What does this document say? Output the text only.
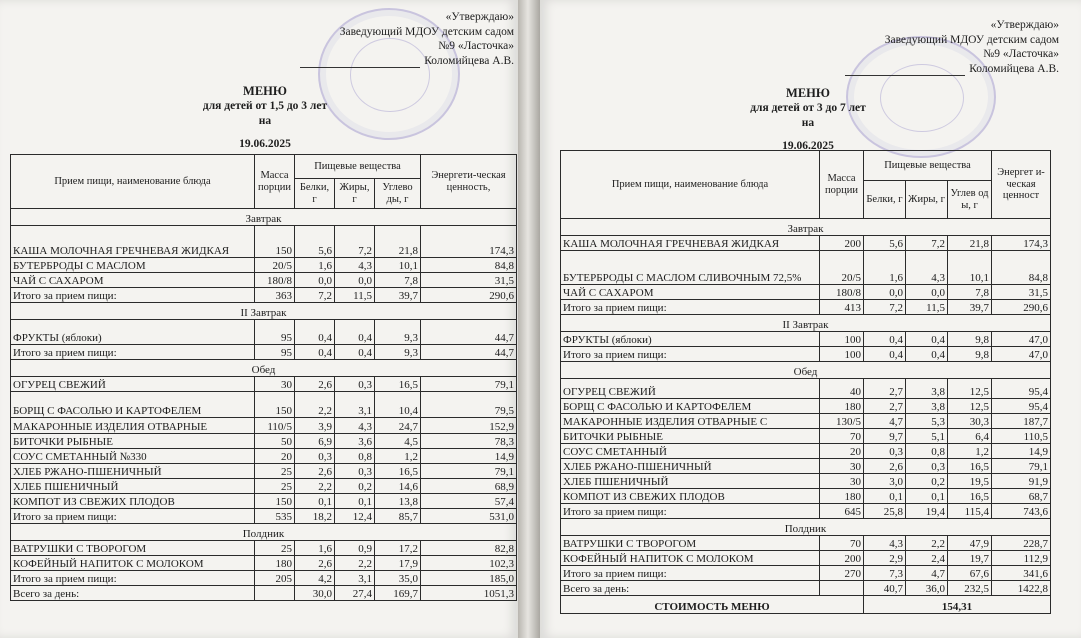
«Утверждаю»
Заведующий МДОУ детским садом
№9 «Ласточка»
Коломийцева А.В.
МЕНЮ
для детей от 1,5 до 3 лет
на
19.06.2025
Прием пищи, наименование блюда	Масса порции	Пищевые вещества			Энергети-ческая ценность,
		Белки, г	Жиры, г	Углево ды, г	
Завтрак					
КАША МОЛОЧНАЯ ГРЕЧНЕВАЯ ЖИДКАЯ	150	5,6	7,2	21,8	174,3
БУТЕРБРОДЫ С МАСЛОМ	20/5	1,6	4,3	10,1	84,8
ЧАЙ С САХАРОМ	180/8	0,0	0,0	7,8	31,5
Итого за прием пищи:	363	7,2	11,5	39,7	290,6
II Завтрак					
ФРУКТЫ (яблоки)	95	0,4	0,4	9,3	44,7
Итого за прием пищи:	95	0,4	0,4	9,3	44,7
Обед					
ОГУРЕЦ СВЕЖИЙ	30	2,6	0,3	16,5	79,1
БОРЩ С ФАСОЛЬЮ И КАРТОФЕЛЕМ	150	2,2	3,1	10,4	79,5
МАКАРОННЫЕ ИЗДЕЛИЯ ОТВАРНЫЕ	110/5	3,9	4,3	24,7	152,9
БИТОЧКИ РЫБНЫЕ	50	6,9	3,6	4,5	78,3
СОУС СМЕТАННЫЙ №330	20	0,3	0,8	1,2	14,9
ХЛЕБ РЖАНО-ПШЕНИЧНЫЙ	25	2,6	0,3	16,5	79,1
ХЛЕБ ПШЕНИЧНЫЙ	25	2,2	0,2	14,6	68,9
КОМПОТ ИЗ СВЕЖИХ ПЛОДОВ	150	0,1	0,1	13,8	57,4
Итого за прием пищи:	535	18,2	12,4	85,7	531,0
Полдник					
ВАТРУШКИ С ТВОРОГОМ	25	1,6	0,9	17,2	82,8
КОФЕЙНЫЙ НАПИТОК С МОЛОКОМ	180	2,6	2,2	17,9	102,3
Итого за прием пищи:	205	4,2	3,1	35,0	185,0
Всего за день:		30,0	27,4	169,7	1051,3
«Утверждаю»
Заведующий МДОУ детским садом
№9 «Ласточка»
Коломийцева А.В.
МЕНЮ
для детей от 3 до 7 лет
на
19.06.2025
Прием пищи, наименование блюда	Масса порции	Пищевые вещества			Энергет и-ческая ценност
		Белки, г	Жиры, г	Углев од ы, г	
Завтрак					
КАША МОЛОЧНАЯ ГРЕЧНЕВАЯ ЖИДКАЯ	200	5,6	7,2	21,8	174,3
БУТЕРБРОДЫ С МАСЛОМ СЛИВОЧНЫМ 72,5%	20/5	1,6	4,3	10,1	84,8
ЧАЙ С САХАРОМ	180/8	0,0	0,0	7,8	31,5
Итого за прием пищи:	413	7,2	11,5	39,7	290,6
II Завтрак					
ФРУКТЫ (яблоки)	100	0,4	0,4	9,8	47,0
Итого за прием пищи:	100	0,4	0,4	9,8	47,0
Обед					
ОГУРЕЦ СВЕЖИЙ	40	2,7	3,8	12,5	95,4
БОРЩ С ФАСОЛЬЮ И КАРТОФЕЛЕМ	180	2,7	3,8	12,5	95,4
МАКАРОННЫЕ ИЗДЕЛИЯ ОТВАРНЫЕ С	130/5	4,7	5,3	30,3	187,7
БИТОЧКИ РЫБНЫЕ	70	9,7	5,1	6,4	110,5
СОУС СМЕТАННЫЙ	20	0,3	0,8	1,2	14,9
ХЛЕБ РЖАНО-ПШЕНИЧНЫЙ	30	2,6	0,3	16,5	79,1
ХЛЕБ ПШЕНИЧНЫЙ	30	3,0	0,2	19,5	91,9
КОМПОТ ИЗ СВЕЖИХ ПЛОДОВ	180	0,1	0,1	16,5	68,7
Итого за прием пищи:	645	25,8	19,4	115,4	743,6
Полдник					
ВАТРУШКИ С ТВОРОГОМ	70	4,3	2,2	47,9	228,7
КОФЕЙНЫЙ НАПИТОК С МОЛОКОМ	200	2,9	2,4	19,7	112,9
Итого за прием пищи:	270	7,3	4,7	67,6	341,6
Всего за день:		40,7	36,0	232,5	1422,8
СТОИМОСТЬ МЕНЮ		154,31			
